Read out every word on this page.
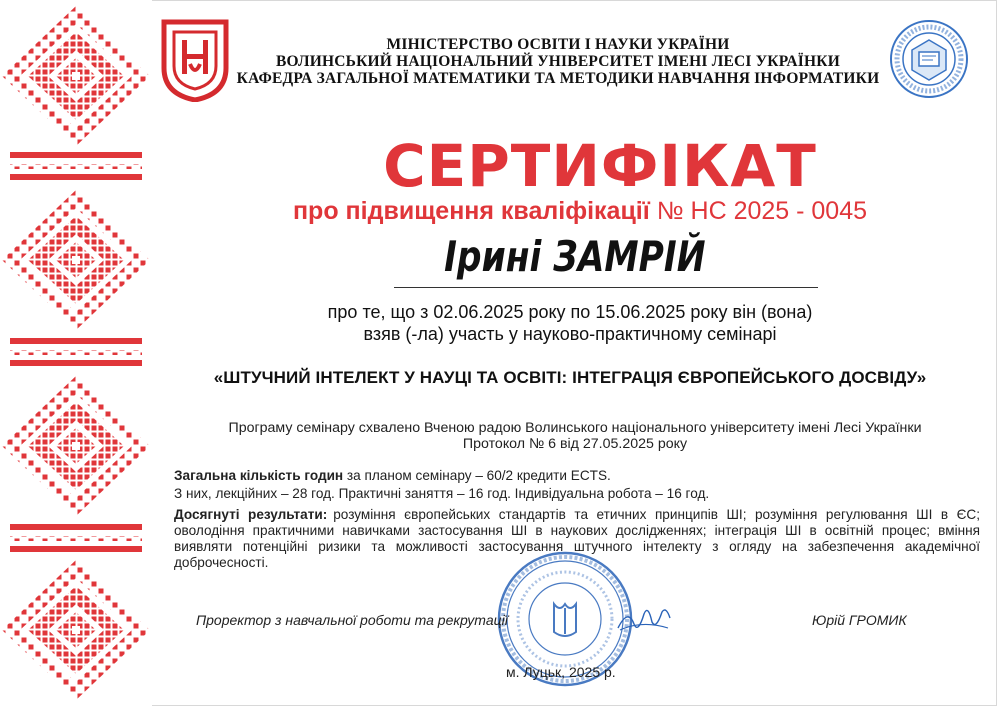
МІНІСТЕРСТВО ОСВІТИ І НАУКИ УКРАЇНИ
ВОЛИНСЬКИЙ НАЦІОНАЛЬНИЙ УНІВЕРСИТЕТ ІМЕНІ ЛЕСІ УКРАЇНКИ
КАФЕДРА ЗАГАЛЬНОЇ МАТЕМАТИКИ ТА МЕТОДИКИ НАВЧАННЯ ІНФОРМАТИКИ
СЕРТИФІКАТ
про підвищення кваліфікації № НС 2025 - 0045
Ірині ЗАМРІЙ
про те, що з 02.06.2025 року по 15.06.2025 року він (вона)
взяв (-ла) участь у науково-практичному семінарі
«ШТУЧНИЙ ІНТЕЛЕКТ У НАУЦІ ТА ОСВІТІ: ІНТЕГРАЦІЯ ЄВРОПЕЙСЬКОГО ДОСВІДУ»
Програму семінару схвалено Вченою радою Волинського національного університету імені Лесі Українки
Протокол № 6 від 27.05.2025 року
Загальна кількість годин за планом семінару – 60/2 кредити ECTS.
З них, лекційних – 28 год. Практичні заняття – 16 год. Індивідуальна робота – 16 год.
Досягнуті результати: розуміння європейських стандартів та етичних принципів ШІ; розуміння регулювання ШІ в ЄС; оволодіння практичними навичками застосування ШІ в наукових дослідженнях; інтеграція ШІ в освітній процес; вміння виявляти потенційні ризики та можливості застосування штучного інтелекту з огляду на забезпечення академічної доброчесності.
Проректор з навчальної роботи та рекрутації	Юрій ГРОМИК
м. Луцьк, 2025 р.
